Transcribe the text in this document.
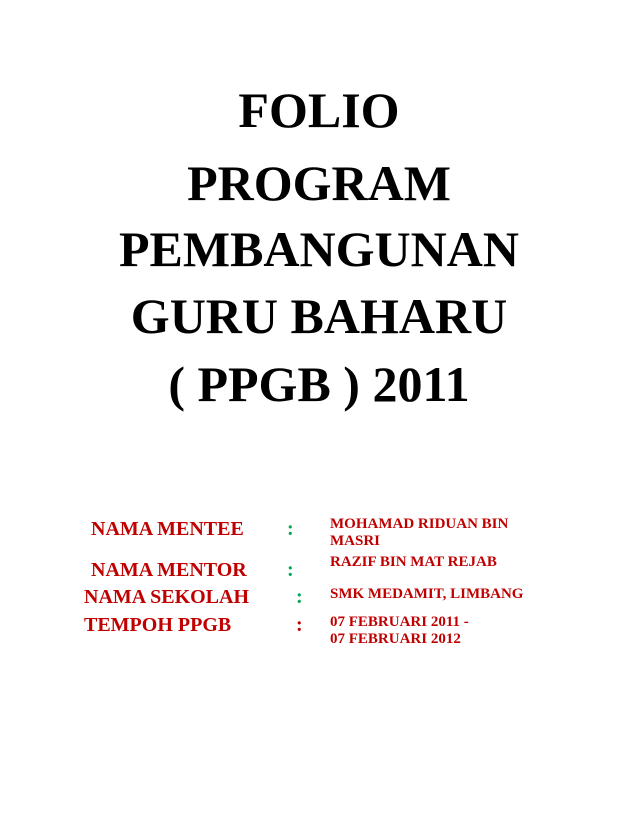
FOLIO
PROGRAM
PEMBANGUNAN
GURU BAHARU
( PPGB ) 2011
NAMA MENTEE : MOHAMAD RIDUAN BIN
MASRI
NAMA MENTOR : RAZIF BIN MAT REJAB
NAMA SEKOLAH : SMK MEDAMIT, LIMBANG
TEMPOH PPGB	: 07 FEBRUARI 2011 -
07 FEBRUARI 2012
